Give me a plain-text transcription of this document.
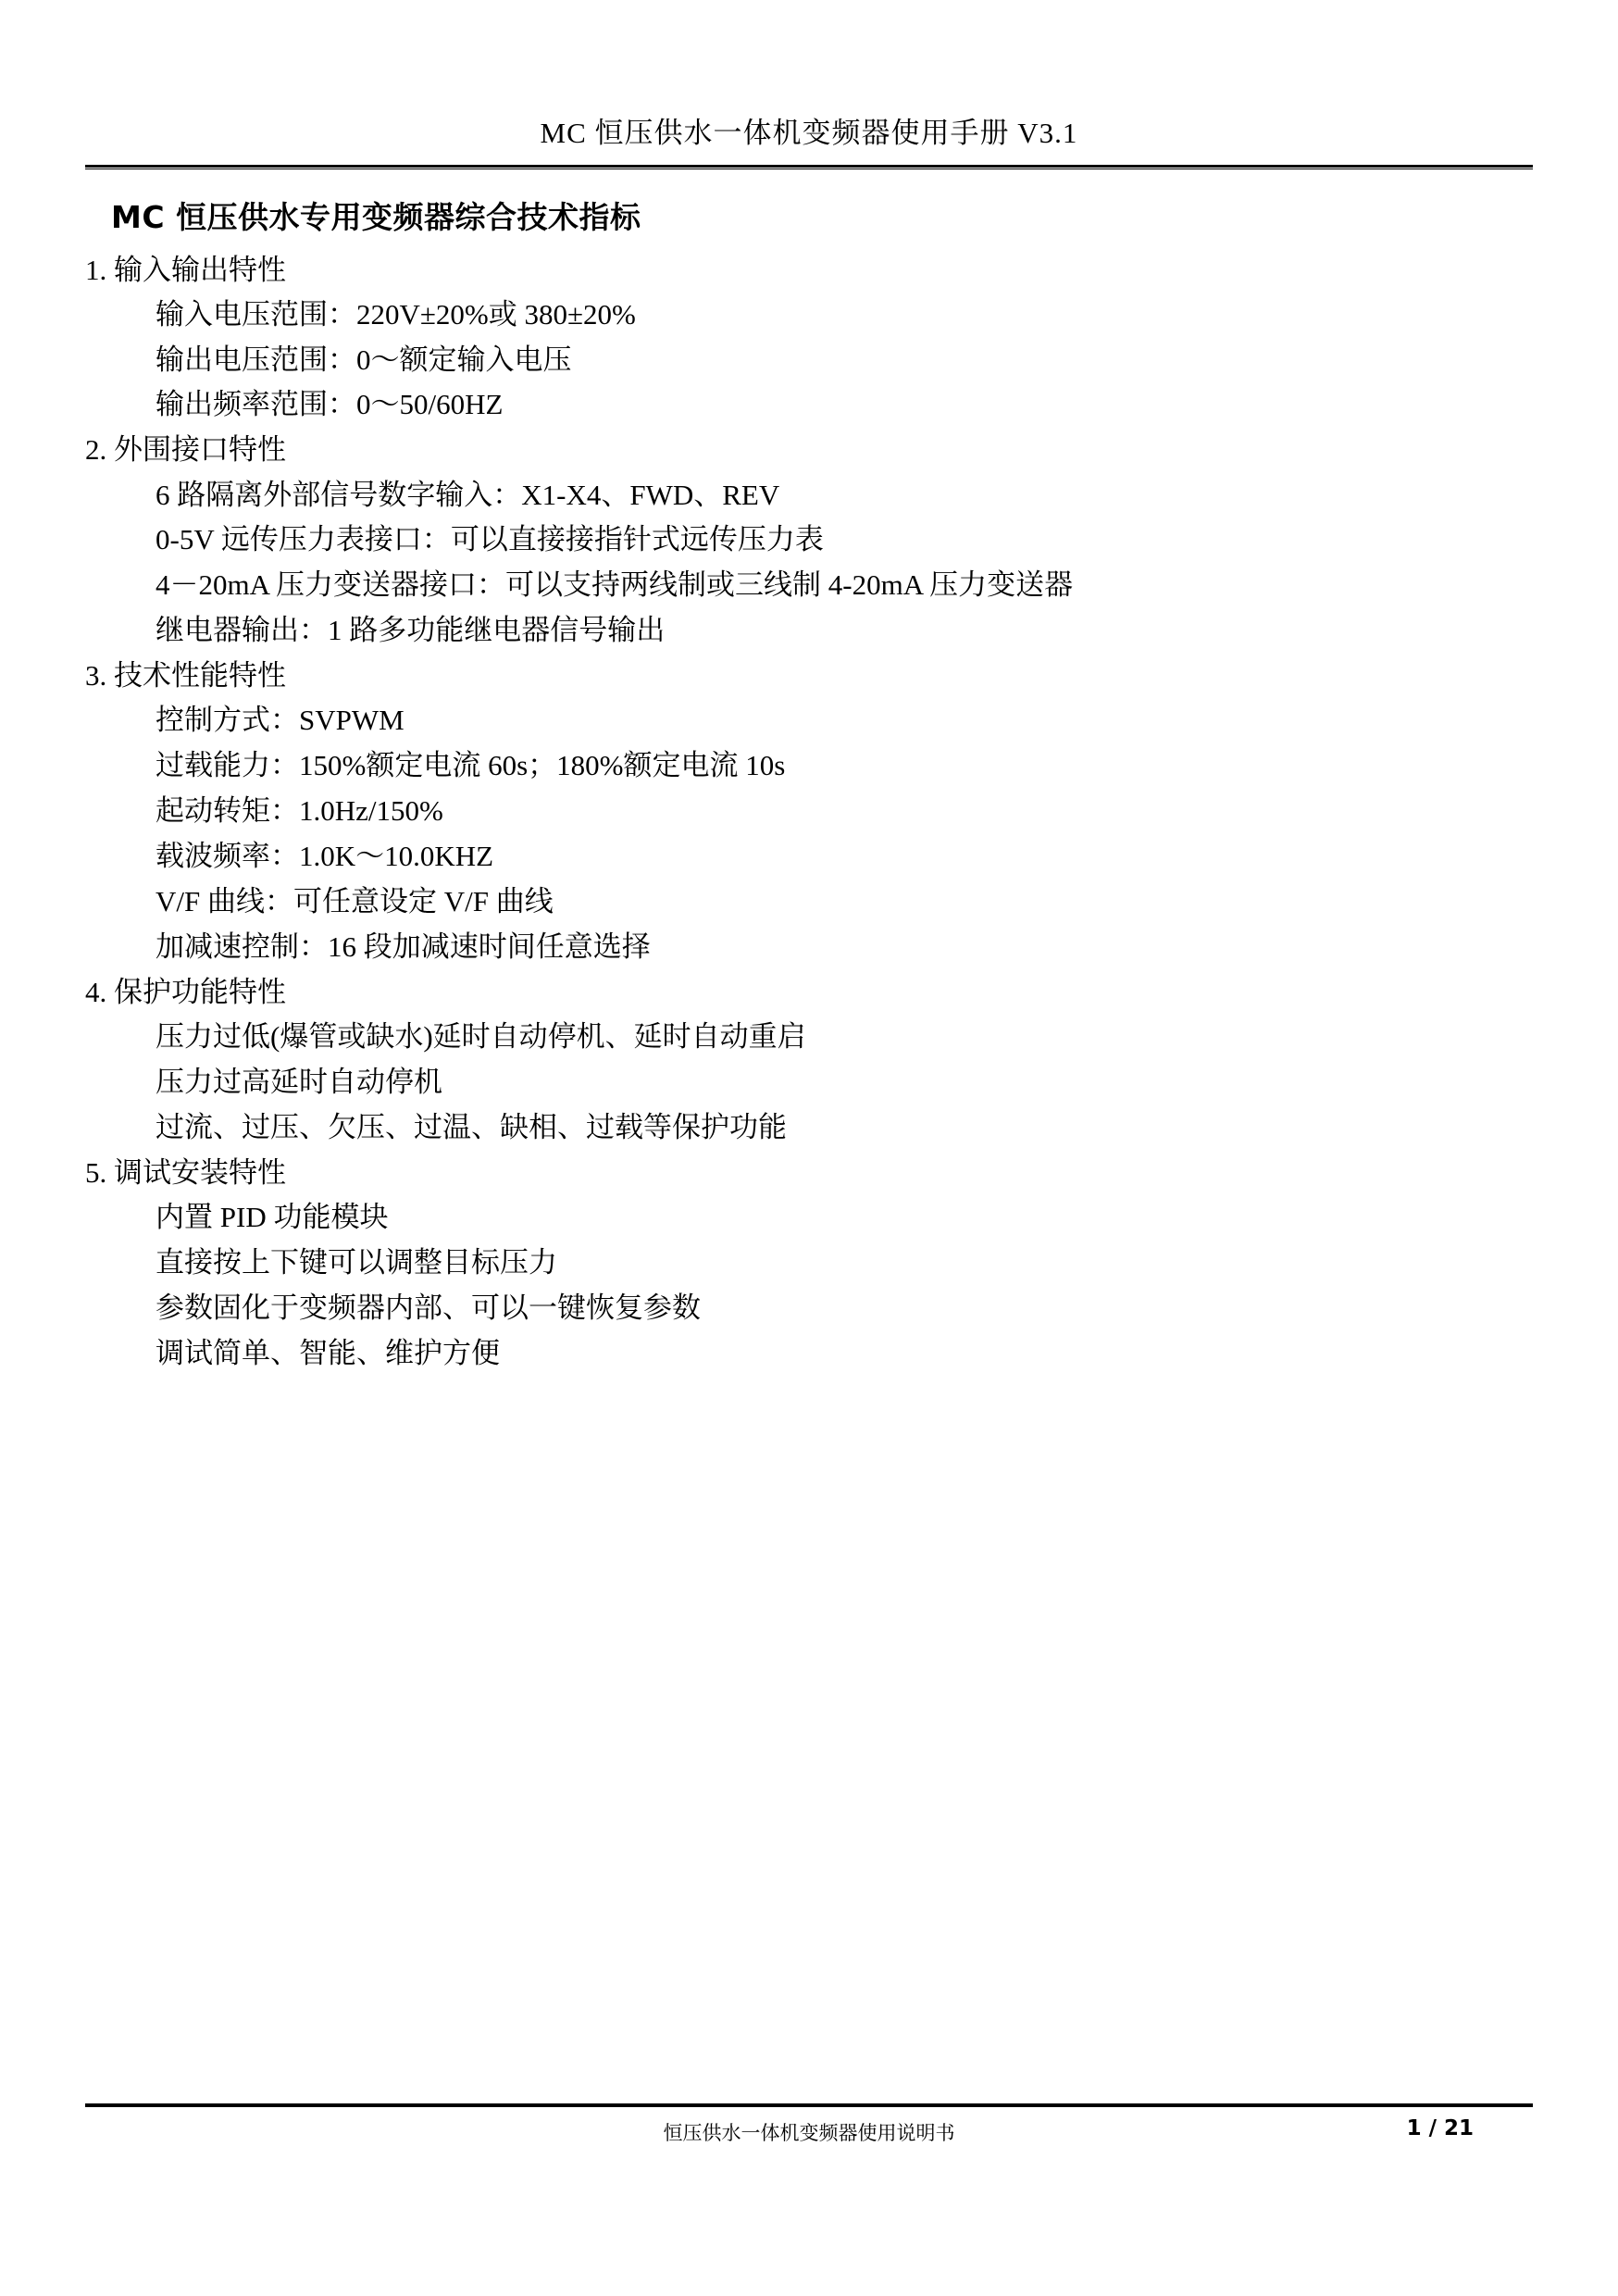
MC 恒压供水一体机变频器使用手册 V3.1
MC 恒压供水专用变频器综合技术指标
1. 输入输出特性
输入电压范围：220V±20%或 380±20%
输出电压范围：0～额定输入电压
输出频率范围：0～50/60HZ
2. 外围接口特性
6 路隔离外部信号数字输入：X1-X4、FWD、REV
0-5V 远传压力表接口：可以直接接指针式远传压力表
4－20mA 压力变送器接口：可以支持两线制或三线制 4-20mA 压力变送器
继电器输出：1 路多功能继电器信号输出
3. 技术性能特性
控制方式：SVPWM
过载能力：150%额定电流 60s；180%额定电流 10s
起动转矩：1.0Hz/150%
载波频率：1.0K～10.0KHZ
V/F 曲线：可任意设定 V/F 曲线
加减速控制：16 段加减速时间任意选择
4. 保护功能特性
压力过低(爆管或缺水)延时自动停机、延时自动重启
压力过高延时自动停机
过流、过压、欠压、过温、缺相、过载等保护功能
5. 调试安装特性
内置 PID 功能模块
直接按上下键可以调整目标压力
参数固化于变频器内部、可以一键恢复参数
调试简单、智能、维护方便
恒压供水一体机变频器使用说明书	1 / 21
